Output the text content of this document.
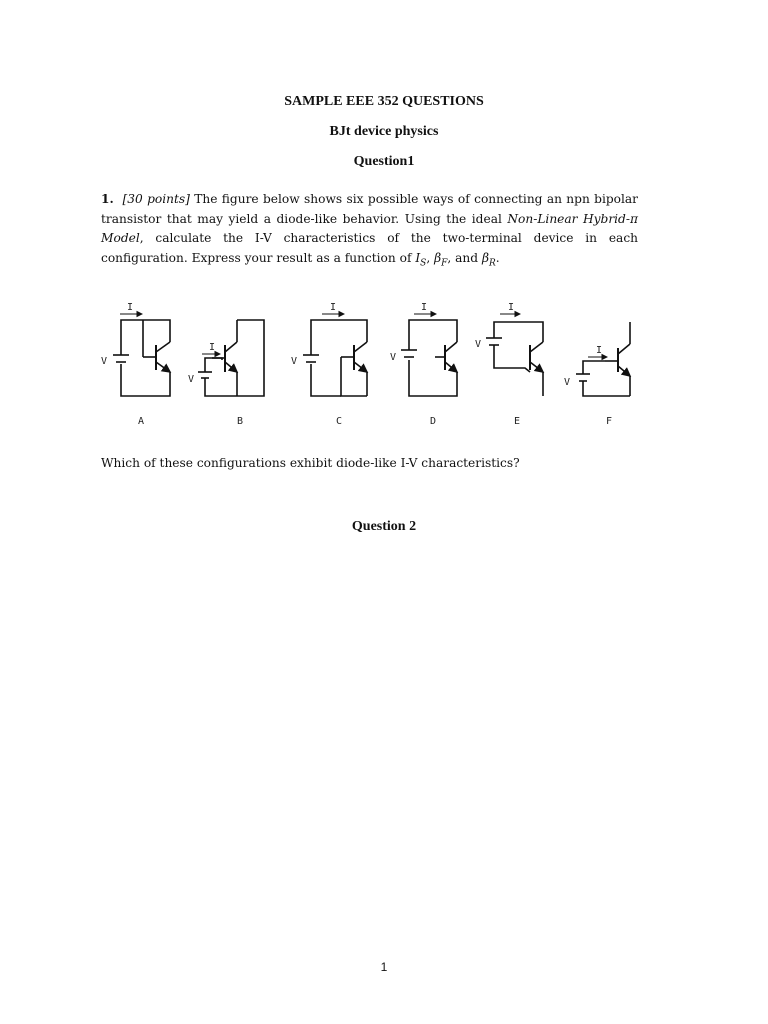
SAMPLE EEE 352 QUESTIONS
BJt device physics
Question1
1. [30 points] The figure below shows six possible ways of connecting an npn bipolar transistor that may yield a diode-like behavior. Using the ideal Non-Linear Hybrid-π Model, calculate the I-V characteristics of the two-terminal device in each configuration. Express your result as a function of $I_S$, $\beta_F$, and $\beta_R$.
I
V
A
I
V
B
I
V
C
I
V
D
I
V
E
I
V
F
Which of these configurations exhibit diode-like I-V characteristics?
Question 2
1
